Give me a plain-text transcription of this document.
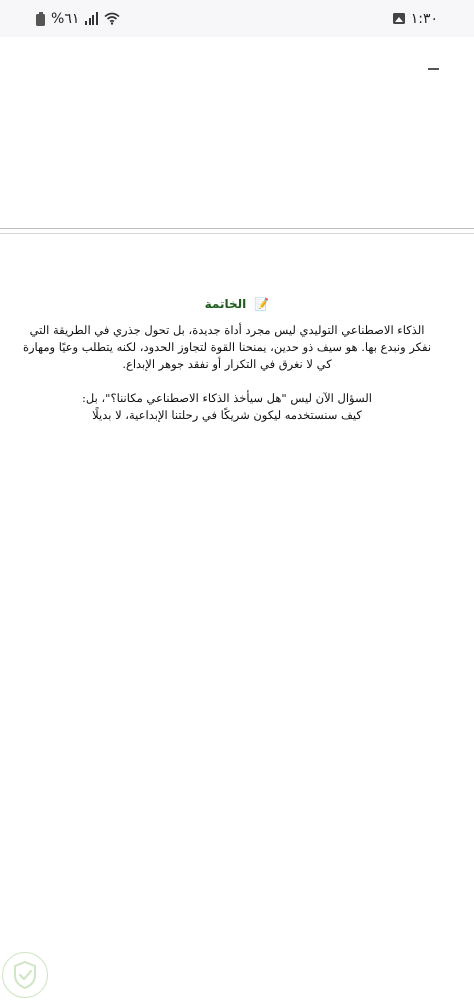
%٦١	١:٣٠
📝 الخاتمة

الذكاء الاصطناعي التوليدي ليس مجرد أداة جديدة، بل تحول جذري في الطريقة التي نفكر ونبدع بها. هو سيف ذو حدين، يمنحنا القوة لتجاوز الحدود، لكنه يتطلب وعيًا ومهارة كي لا نغرق في التكرار أو نفقد جوهر الإبداع.

السؤال الآن ليس "هل سيأخذ الذكاء الاصطناعي مكاننا؟"، بل:

كيف سنستخدمه ليكون شريكًا في رحلتنا الإبداعية، لا بديلًا
